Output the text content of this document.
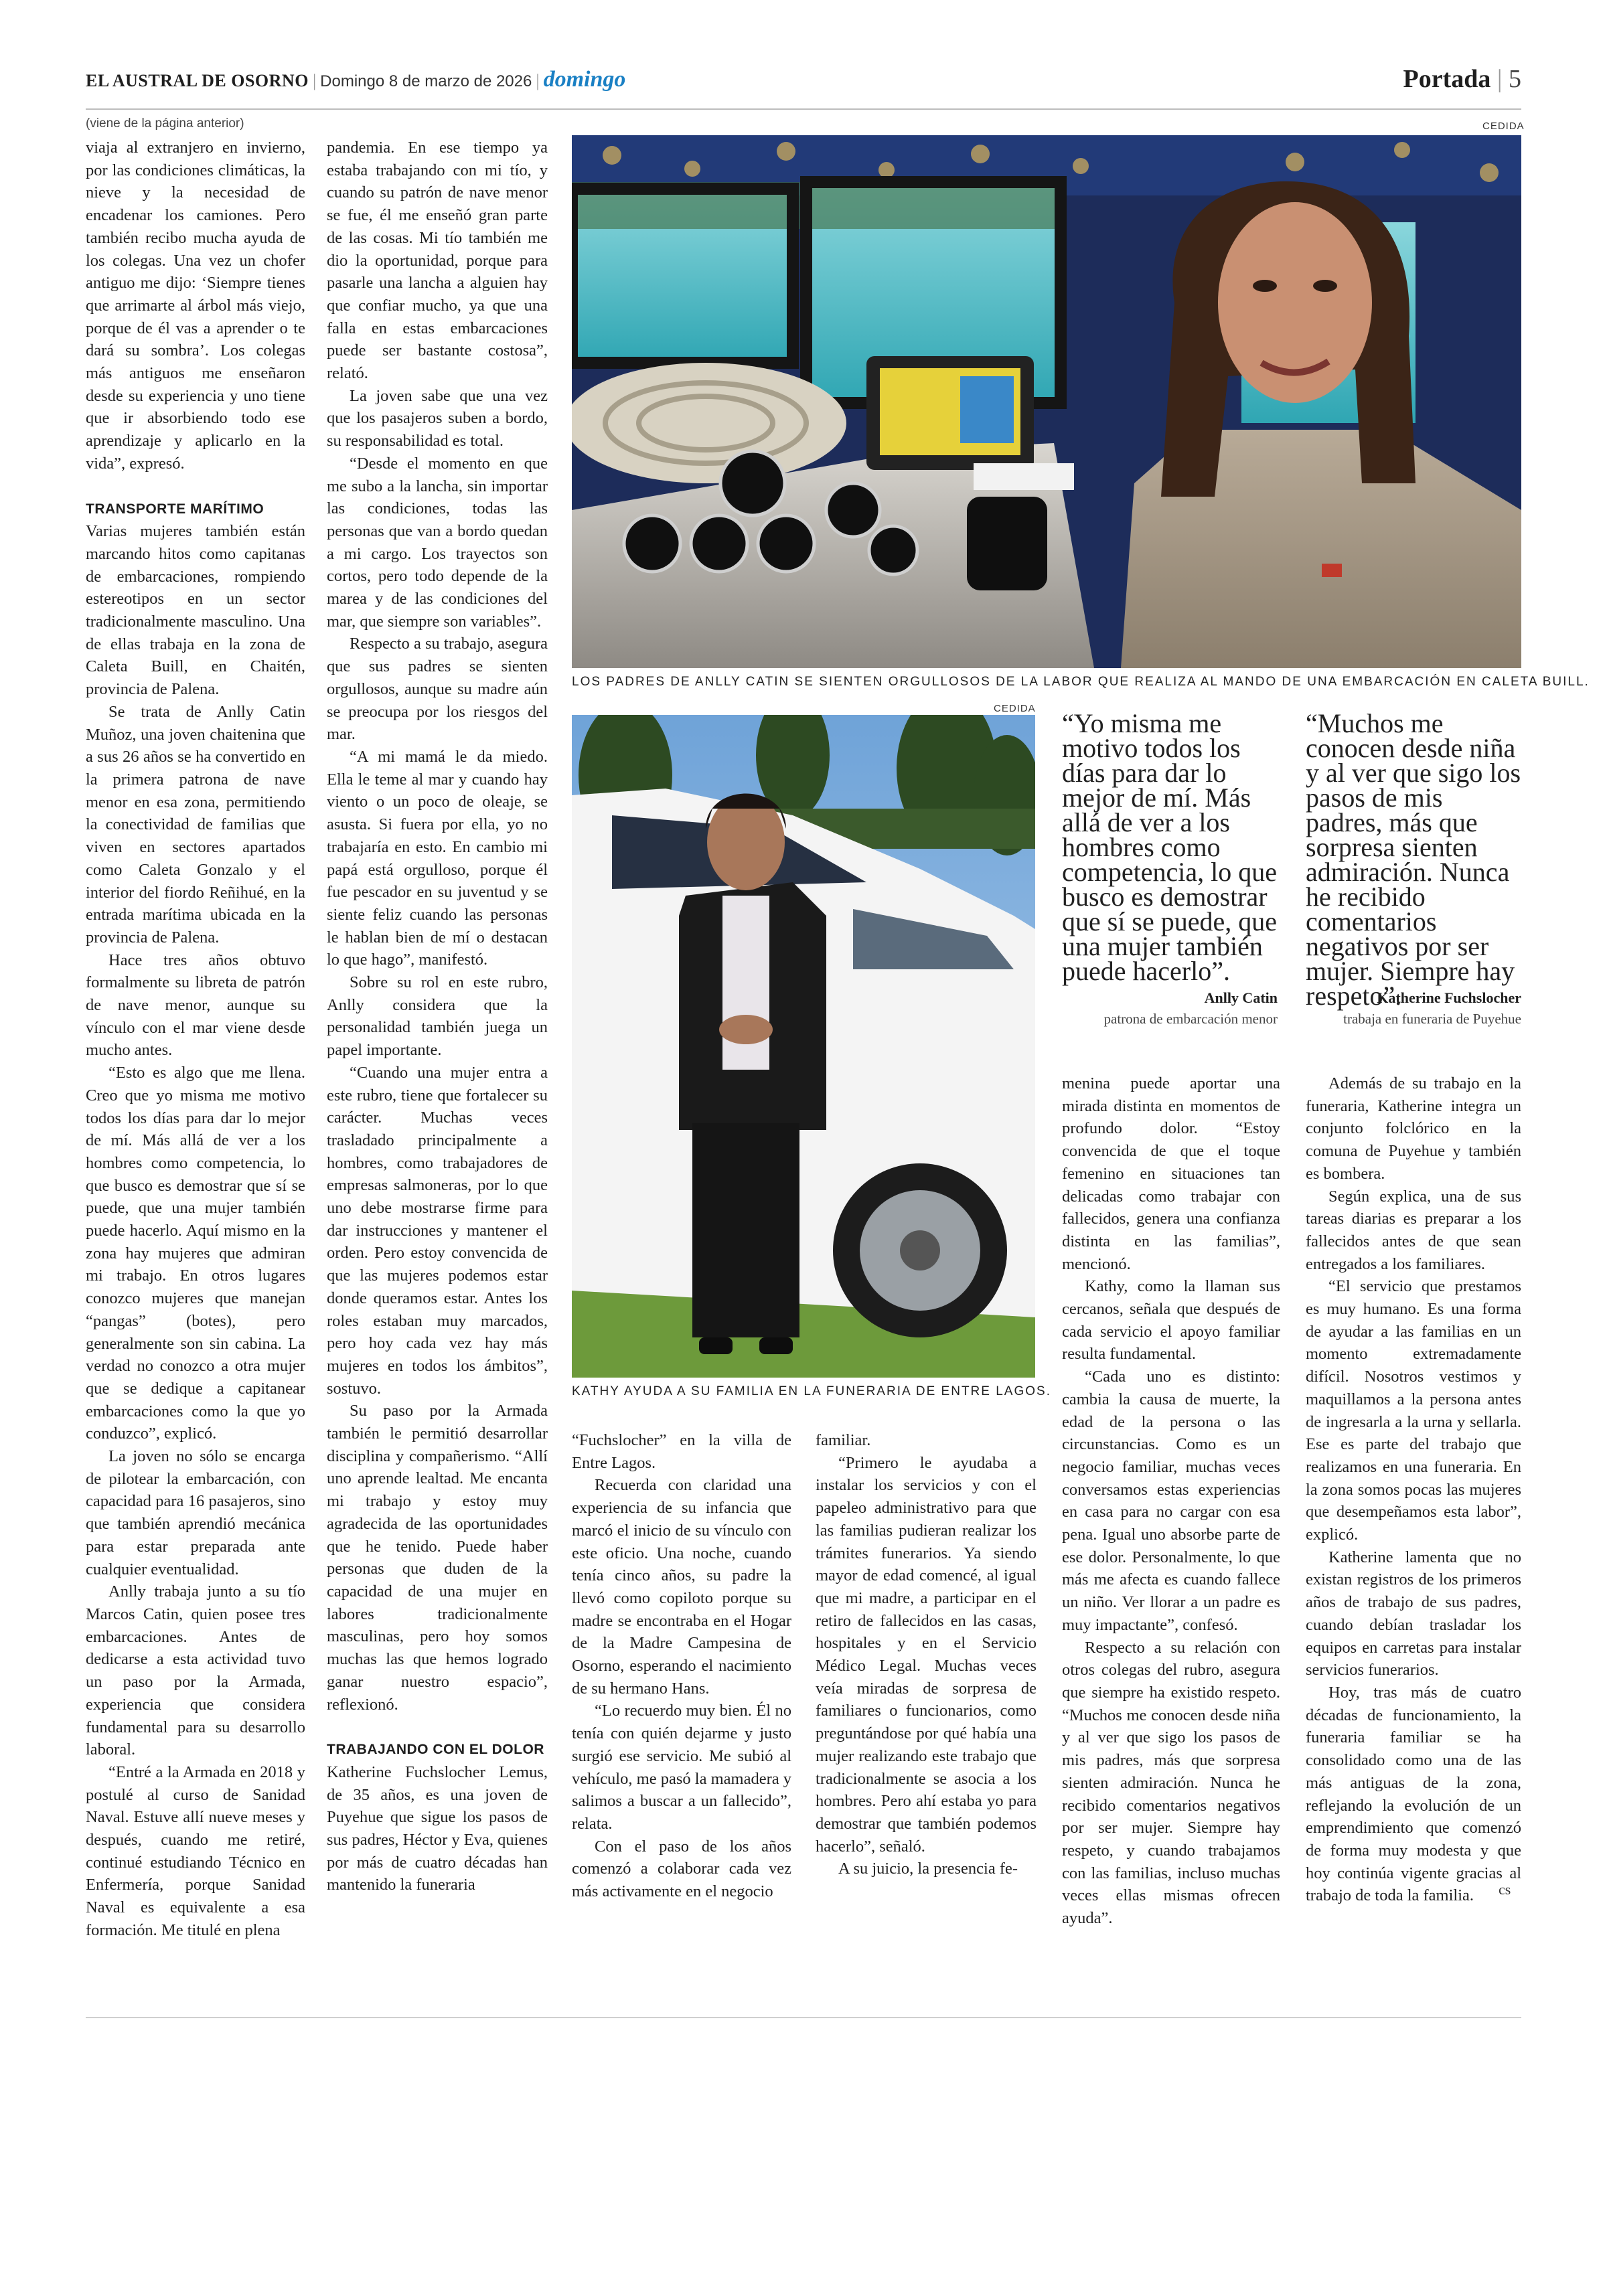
EL AUSTRAL DE OSORNO | Domingo 8 de marzo de 2026 | domingo	Portada | 5
(viene de la página anterior)

viaja al extranjero en invierno, por las condiciones climáticas, la nieve y la necesidad de encadenar los camiones. Pero también recibo mucha ayuda de los colegas. Una vez un chofer antiguo me dijo: ‘Siempre tienes que arrimarte al árbol más viejo, porque de él vas a aprender o te dará su sombra’. Los colegas más antiguos me enseñaron desde su experiencia y uno tiene que ir absorbiendo todo ese aprendizaje y aplicarlo en la vida”, expresó.

TRANSPORTE MARÍTIMO

Varias mujeres también están marcando hitos como capitanas de embarcaciones, rompiendo estereotipos en un sector tradicionalmente masculino. Una de ellas trabaja en la zona de Caleta Buill, en Chaitén, provincia de Palena.

Se trata de Anlly Catin Muñoz, una joven chaitenina que a sus 26 años se ha convertido en la primera patrona de nave menor en esa zona, permitiendo la conectividad de familias que viven en sectores apartados como Caleta Gonzalo y el interior del fiordo Reñihué, en la entrada marítima ubicada en la provincia de Palena.

Hace tres años obtuvo formalmente su libreta de patrón de nave menor, aunque su vínculo con el mar viene desde mucho antes.

“Esto es algo que me llena. Creo que yo misma me motivo todos los días para dar lo mejor de mí. Más allá de ver a los hombres como competencia, lo que busco es demostrar que sí se puede, que una mujer también puede hacerlo. Aquí mismo en la zona hay mujeres que admiran mi trabajo. En otros lugares conozco mujeres que manejan “pangas” (botes), pero generalmente son sin cabina. La verdad no conozco a otra mujer que se dedique a capitanear embarcaciones como la que yo conduzco”, explicó.

La joven no sólo se encarga de pilotear la embarcación, con capacidad para 16 pasajeros, sino que también aprendió mecánica para estar preparada ante cualquier eventualidad.

Anlly trabaja junto a su tío Marcos Catin, quien posee tres embarcaciones. Antes de dedicarse a esta actividad tuvo un paso por la Armada, experiencia que considera fundamental para su desarrollo laboral.

“Entré a la Armada en 2018 y postulé al curso de Sanidad Naval. Estuve allí nueve meses y después, cuando me retiré, continué estudiando Técnico en Enfermería, porque Sanidad Naval es equivalente a esa formación. Me titulé en plena

pandemia. En ese tiempo ya estaba trabajando con mi tío, y cuando su patrón de nave menor se fue, él me enseñó gran parte de las cosas. Mi tío también me dio la oportunidad, porque para pasarle una lancha a alguien hay que confiar mucho, ya que una falla en estas embarcaciones puede ser bastante costosa”, relató.

La joven sabe que una vez que los pasajeros suben a bordo, su responsabilidad es total.

“Desde el momento en que me subo a la lancha, sin importar las condiciones, todas las personas que van a bordo quedan a mi cargo. Los trayectos son cortos, pero todo depende de la marea y de las condiciones del mar, que siempre son variables”.

Respecto a su trabajo, asegura que sus padres se sienten orgullosos, aunque su madre aún se preocupa por los riesgos del mar.

“A mi mamá le da miedo. Ella le teme al mar y cuando hay viento o un poco de oleaje, se asusta. Si fuera por ella, yo no trabajaría en esto. En cambio mi papá está orgulloso, porque él fue pescador en su juventud y se siente feliz cuando las personas le hablan bien de mí o destacan lo que hago”, manifestó.

Sobre su rol en este rubro, Anlly considera que la personalidad también juega un papel importante.

“Cuando una mujer entra a este rubro, tiene que fortalecer su carácter. Muchas veces trasladado principalmente a hombres, como trabajadores de empresas salmoneras, por lo que uno debe mostrarse firme para dar instrucciones y mantener el orden. Pero estoy convencida de que las mujeres podemos estar donde queramos estar. Antes los roles estaban muy marcados, pero hoy cada vez hay más mujeres en todos los ámbitos”, sostuvo.

Su paso por la Armada también le permitió desarrollar disciplina y compañerismo. “Allí uno aprende lealtad. Me encanta mi trabajo y estoy muy agradecida de las oportunidades que he tenido. Puede haber personas que duden de la capacidad de una mujer en labores tradicionalmente masculinas, pero hoy somos muchas las que hemos logrado ganar nuestro espacio”, reflexionó.

TRABAJANDO CON EL DOLOR

Katherine Fuchslocher Lemus, de 35 años, es una joven de Puyehue que sigue los pasos de sus padres, Héctor y Eva, quienes por más de cuatro décadas han mantenido la funeraria

CEDIDA
LOS PADRES DE ANLLY CATIN SE SIENTEN ORGULLOSOS DE LA LABOR QUE REALIZA AL MANDO DE UNA EMBARCACIÓN EN CALETA BUILL.
CEDIDA
KATHY AYUDA A SU FAMILIA EN LA FUNERARIA DE ENTRE LAGOS.
“Yo misma me motivo todos los días para dar lo mejor de mí. Más allá de ver a los hombres como competencia, lo que busco es demostrar que sí se puede, que una mujer también puede hacerlo”.
Anlly Catin
patrona de embarcación menor
“Muchos me conocen desde niña y al ver que sigo los pasos de mis padres, más que sorpresa sienten admiración. Nunca he recibido comentarios negativos por ser mujer. Siempre hay respeto”.
Katherine Fuchslocher
trabaja en funeraria de Puyehue

“Fuchslocher” en la villa de Entre Lagos.

Recuerda con claridad una experiencia de su infancia que marcó el inicio de su vínculo con este oficio. Una noche, cuando tenía cinco años, su padre la llevó como copiloto porque su madre se encontraba en el Hogar de la Madre Campesina de Osorno, esperando el nacimiento de su hermano Hans.

“Lo recuerdo muy bien. Él no tenía con quién dejarme y justo surgió ese servicio. Me subió al vehículo, me pasó la mamadera y salimos a buscar a un fallecido”, relata.

Con el paso de los años comenzó a colaborar cada vez más activamente en el negocio

familiar.

“Primero le ayudaba a instalar los servicios y con el papeleo administrativo para que las familias pudieran realizar los trámites funerarios. Ya siendo mayor de edad comencé, al igual que mi madre, a participar en el retiro de fallecidos en las casas, hospitales y en el Servicio Médico Legal. Muchas veces veía miradas de sorpresa de familiares o funcionarios, como preguntándose por qué había una mujer realizando este trabajo que tradicionalmente se asocia a los hombres. Pero ahí estaba yo para demostrar que también podemos hacerlo”, señaló.

A su juicio, la presencia fe-

menina puede aportar una mirada distinta en momentos de profundo dolor. “Estoy convencida de que el toque femenino en situaciones tan delicadas como trabajar con fallecidos, genera una confianza distinta en las familias”, mencionó.

Kathy, como la llaman sus cercanos, señala que después de cada servicio el apoyo familiar resulta fundamental.

“Cada uno es distinto: cambia la causa de muerte, la edad de la persona o las circunstancias. Como es un negocio familiar, muchas veces conversamos estas experiencias en casa para no cargar con esa pena. Igual uno absorbe parte de ese dolor. Personalmente, lo que más me afecta es cuando fallece un niño. Ver llorar a un padre es muy impactante”, confesó.

Respecto a su relación con otros colegas del rubro, asegura que siempre ha existido respeto. “Muchos me conocen desde niña y al ver que sigo los pasos de mis padres, más que sorpresa sienten admiración. Nunca he recibido comentarios negativos por ser mujer. Siempre hay respeto, y cuando trabajamos con las familias, incluso muchas veces ellas mismas ofrecen ayuda”.

Además de su trabajo en la funeraria, Katherine integra un conjunto folclórico en la comuna de Puyehue y también es bombera.

Según explica, una de sus tareas diarias es preparar a los fallecidos antes de que sean entregados a los familiares.

“El servicio que prestamos es muy humano. Es una forma de ayudar a las familias en un momento extremadamente difícil. Nosotros vestimos y maquillamos a la persona antes de ingresarla a la urna y sellarla. Ese es parte del trabajo que realizamos en una funeraria. En la zona somos pocas las mujeres que desempeñamos esta labor”, explicó.

Katherine lamenta que no existan registros de los primeros años de trabajo de sus padres, cuando debían trasladar los equipos en carretas para instalar servicios funerarios.

Hoy, tras más de cuatro décadas de funcionamiento, la funeraria familiar se ha consolidado como una de las más antiguas de la zona, reflejando la evolución de un emprendimiento que comenzó de forma muy modesta y que hoy continúa vigente gracias al trabajo de toda la familia.	cs
